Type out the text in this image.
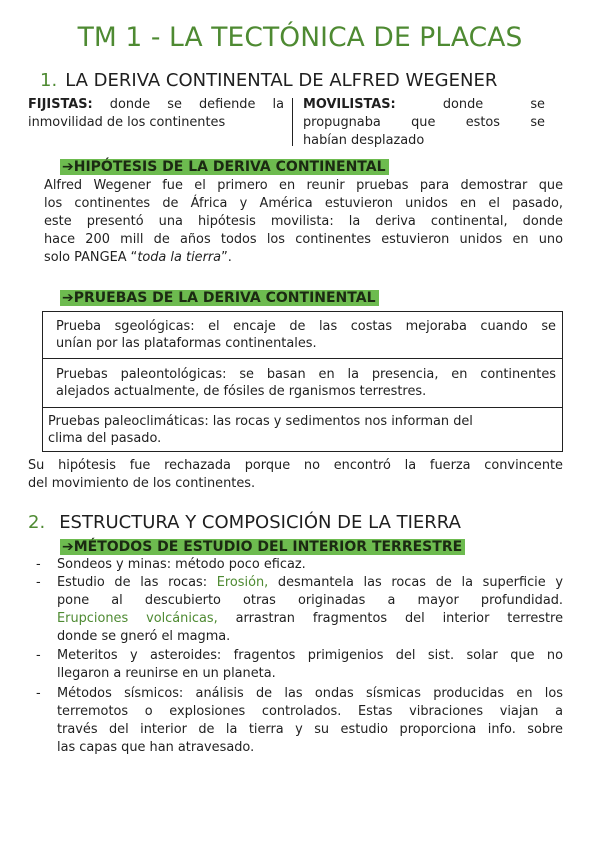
TM 1 - LA TECTÓNICA DE PLACAS
1. LA DERIVA CONTINENTAL DE ALFRED WEGENER
FIJISTAS: donde se defiende la
inmovilidad de los continentes
MOVILISTAS:	donde se
propugnaba que estos se
habían desplazado
➔HIPÓTESIS DE LA DERIVA CONTINENTAL
Alfred Wegener fue el primero en reunir pruebas para demostrar que
los continentes de África y América estuvieron unidos en el pasado,
este presentó una hipótesis movilista: la deriva continental, donde
hace 200 mill de años todos los continentes estuvieron unidos en uno
solo PANGEA “toda la tierra”.
➔PRUEBAS DE LA DERIVA CONTINENTAL
Prueba sgeológicas: el encaje de las costas mejoraba cuando se
unían por las plataformas continentales.
Pruebas paleontológicas: se basan en la presencia, en continentes
alejados actualmente, de fósiles de rganismos terrestres.
Pruebas paleoclimáticas: las rocas y sedimentos nos informan del
clima del pasado.
Su hipótesis fue rechazada porque no encontró la fuerza convincente
del movimiento de los continentes.
2. ESTRUCTURA Y COMPOSICIÓN DE LA TIERRA
➔MÉTODOS DE ESTUDIO DEL INTERIOR TERRESTRE
- Sondeos y minas: método poco eficaz.
- Estudio de las rocas: Erosión, desmantela las rocas de la superficie y
pone al descubierto otras originadas a mayor profundidad.
Erupciones volcánicas, arrastran fragmentos del interior terrestre
donde se gneró el magma.
- Meteritos y asteroides: fragentos primigenios del sist. solar que no
llegaron a reunirse en un planeta.
- Métodos sísmicos: análisis de las ondas sísmicas producidas en los
terremotos o explosiones controlados. Estas vibraciones viajan a
través del interior de la tierra y su estudio proporciona info. sobre
las capas que han atravesado.
